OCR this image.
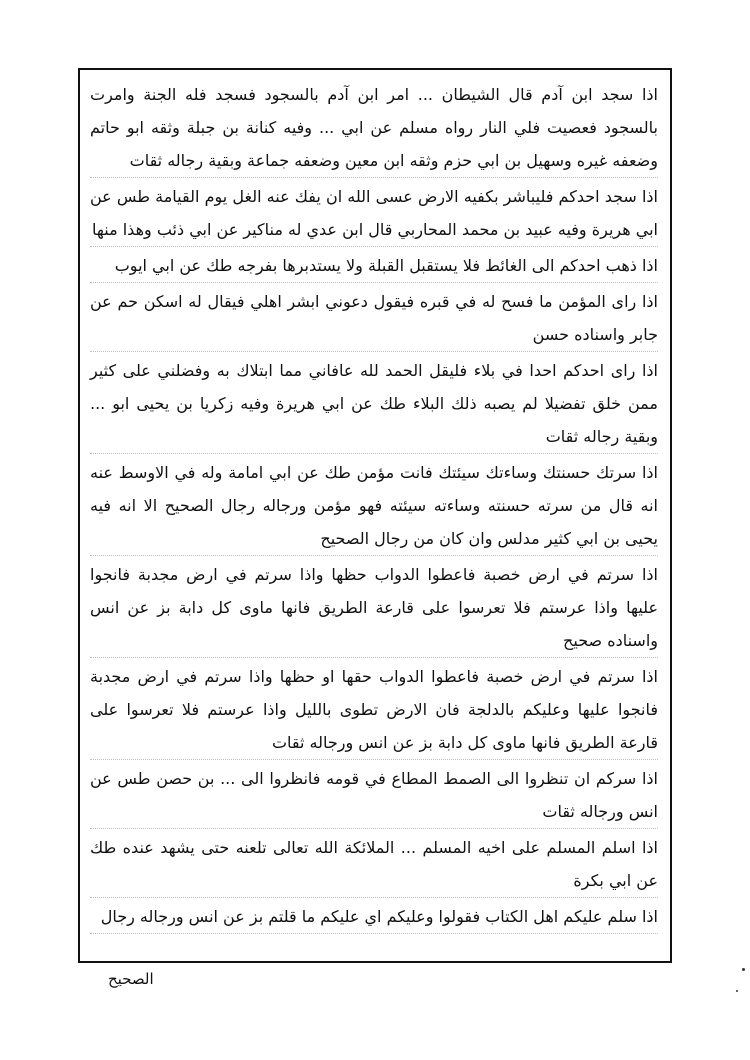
اذا سجد ابن آدم قال الشيطان ... امر ابن آدم بالسجود فسجد فله الجنة وامرت بالسجود فعصيت فلي النار رواه مسلم عن ابي ... وفيه كنانة بن جبلة وثقه ابو حاتم وضعفه غيره وسهيل بن ابي حزم وثقه ابن معين وضعفه جماعة وبقية رجاله ثقات

اذا سجد احدكم فليباشر بكفيه الارض عسى الله ان يفك عنه الغل يوم القيامة طس عن ابي هريرة وفيه عبيد بن محمد المحاربي قال ابن عدي له مناكير عن ابي ذئب وهذا منها

اذا ذهب احدكم الى الغائط فلا يستقبل القبلة ولا يستدبرها بفرجه طك عن ابي ايوب

اذا راى المؤمن ما فسح له في قبره فيقول دعوني ابشر اهلي فيقال له اسكن حم عن جابر واسناده حسن

اذا راى احدكم احدا في بلاء فليقل الحمد لله عافاني مما ابتلاك به وفضلني على كثير ممن خلق تفضيلا لم يصبه ذلك البلاء طك عن ابي هريرة وفيه زكريا بن يحيى ابو ... وبقية رجاله ثقات

اذا سرتك حسنتك وساءتك سيئتك فانت مؤمن طك عن ابي امامة وله في الاوسط عنه انه قال من سرته حسنته وساءته سيئته فهو مؤمن ورجاله رجال الصحيح الا انه فيه يحيى بن ابي كثير مدلس وان كان من رجال الصحيح

اذا سرتم في ارض خصبة فاعطوا الدواب حظها واذا سرتم في ارض مجدبة فانجوا عليها واذا عرستم فلا تعرسوا على قارعة الطريق فانها ماوى كل دابة بز عن انس واسناده صحيح

اذا سرتم في ارض خصبة فاعطوا الدواب حقها او حظها واذا سرتم في ارض مجدبة فانجوا عليها وعليكم بالدلجة فان الارض تطوى بالليل واذا عرستم فلا تعرسوا على قارعة الطريق فانها ماوى كل دابة بز عن انس ورجاله ثقات

اذا سركم ان تنظروا الى الصمط المطاع في قومه فانظروا الى ... بن حصن طس عن انس ورجاله ثقات

اذا اسلم المسلم على اخيه المسلم ... الملائكة الله تعالى تلعنه حتى يشهد عنده طك عن ابي بكرة

اذا سلم عليكم اهل الكتاب فقولوا وعليكم اي عليكم ما قلتم بز عن انس ورجاله رجال

الصحيح
